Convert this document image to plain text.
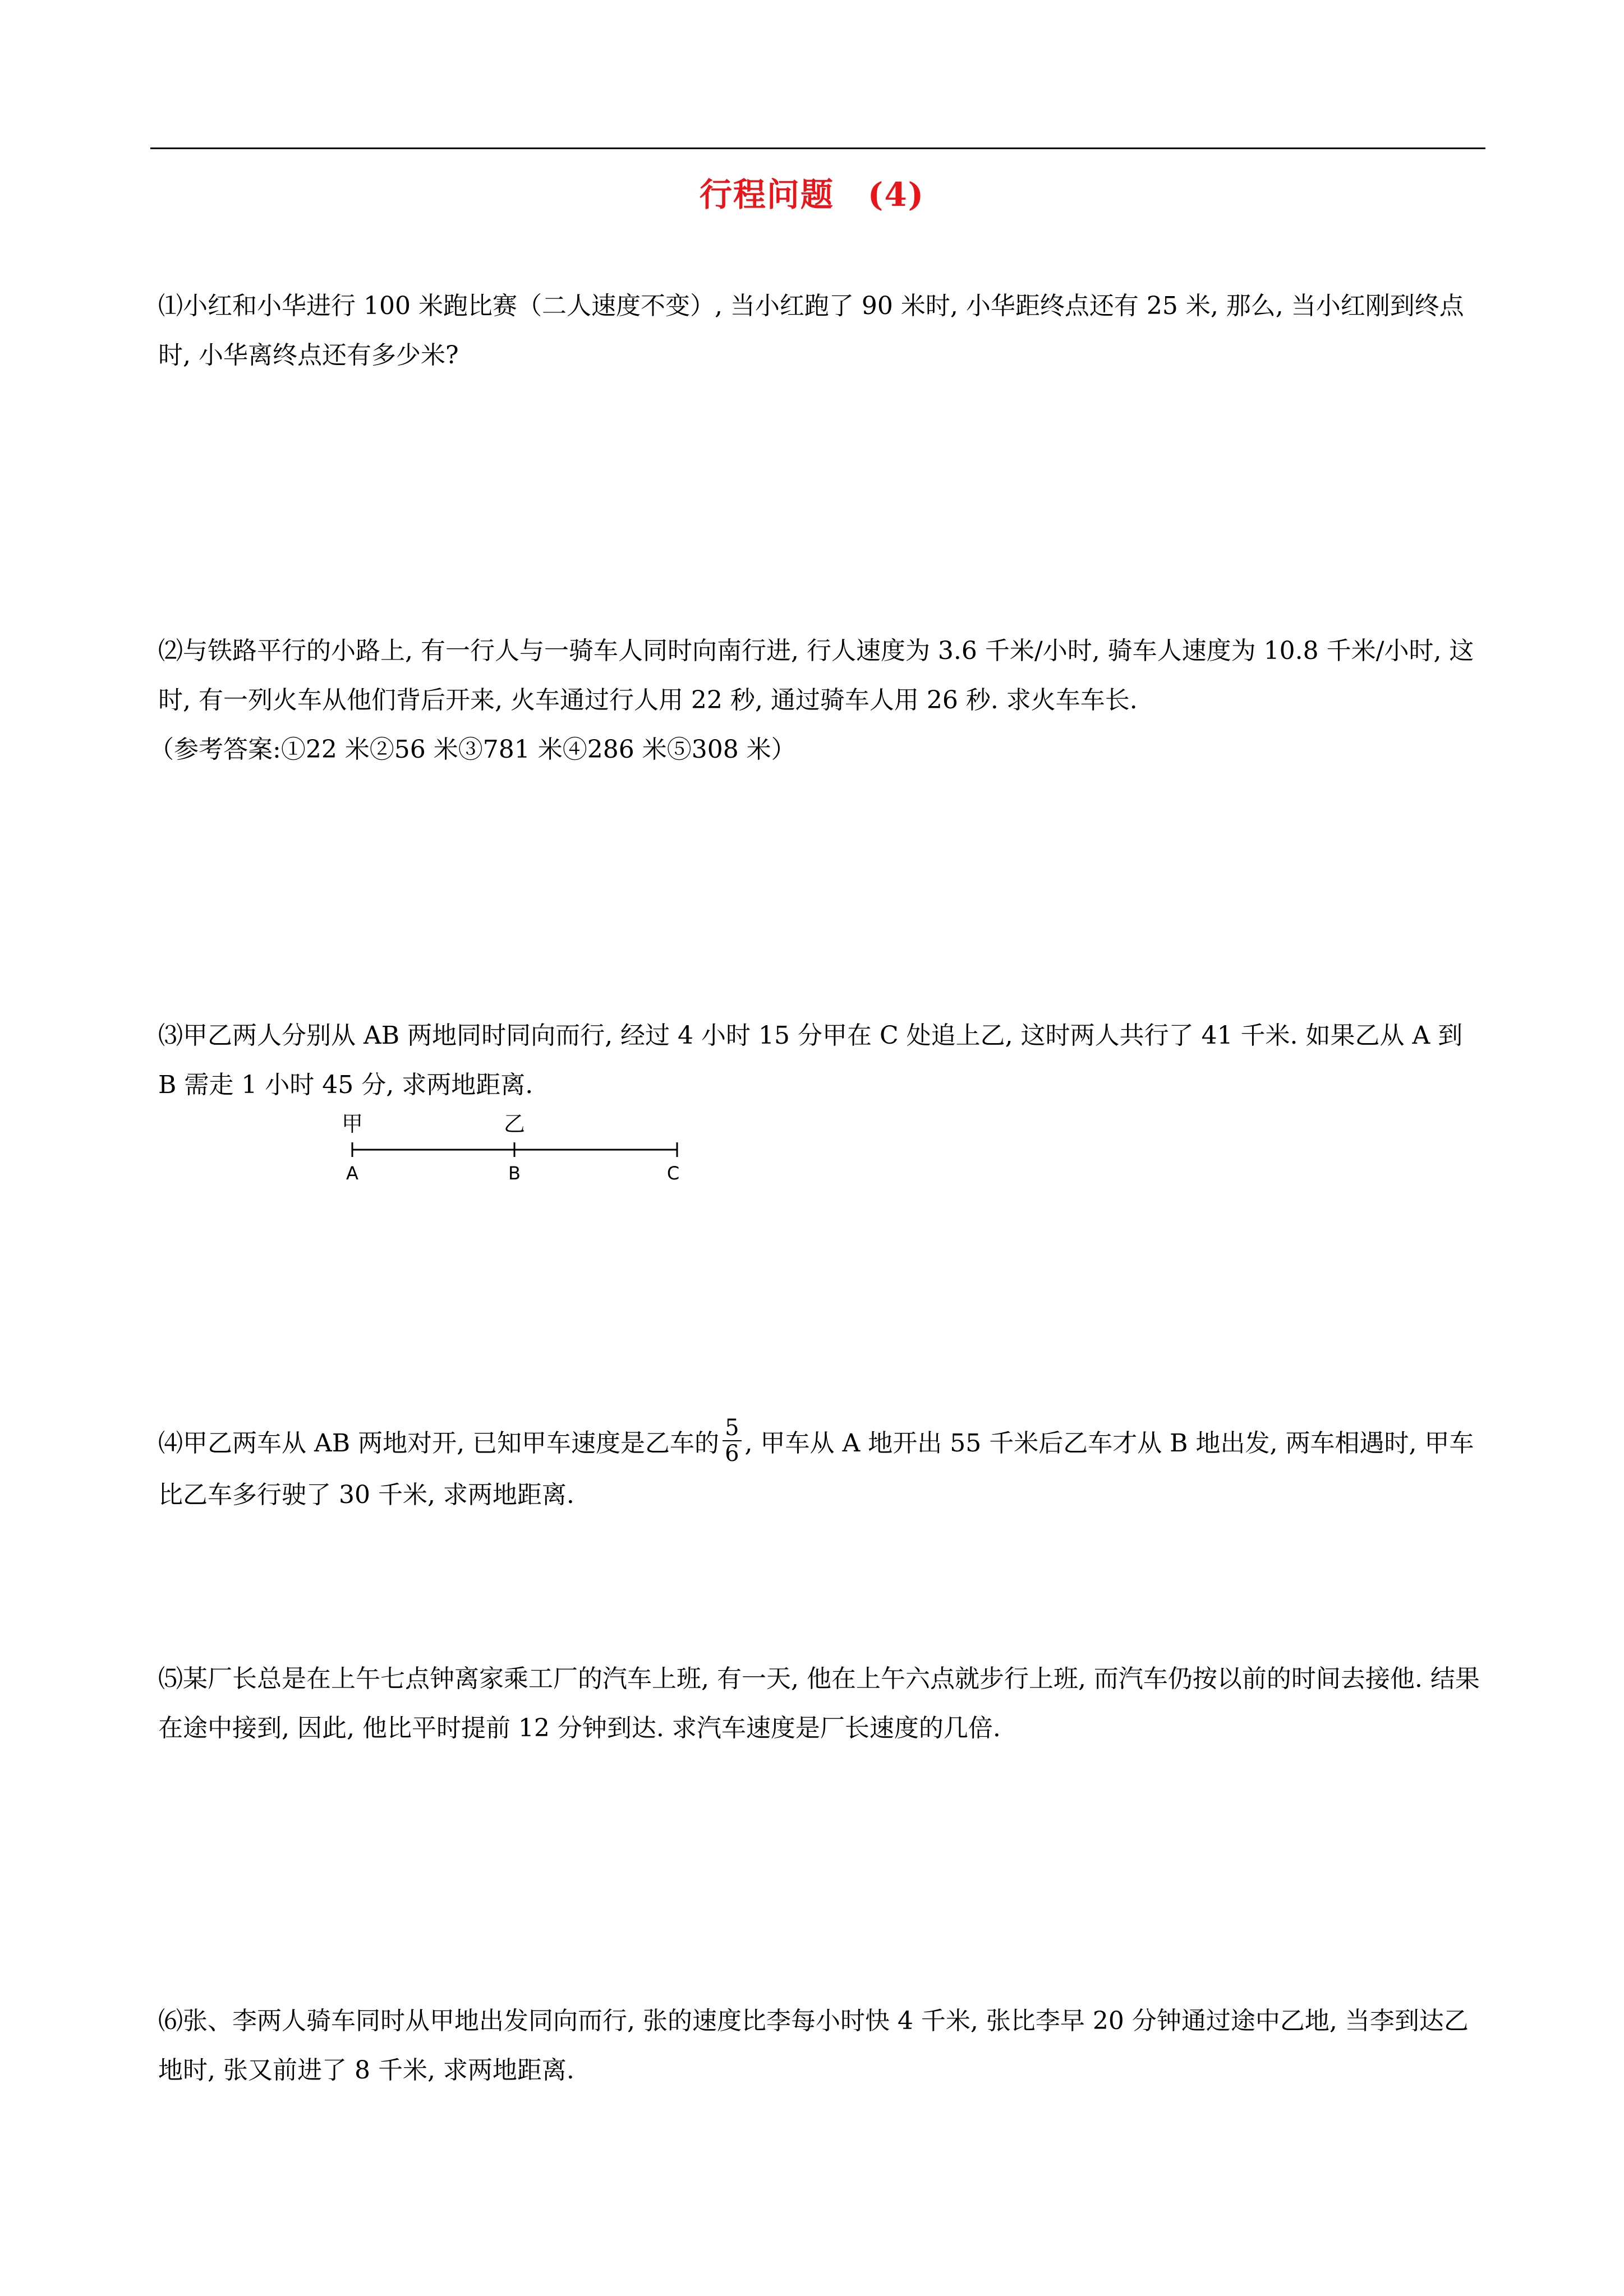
行程问题 (4)

⑴小红和小华进行 100 米跑比赛（二人速度不变）, 当小红跑了 90 米时, 小华距终点还有 25 米, 那么, 当小红刚到终点时, 小华离终点还有多少米?

⑵与铁路平行的小路上, 有一行人与一骑车人同时向南行进, 行人速度为 3.6 千米/小时, 骑车人速度为 10.8 千米/小时, 这时, 有一列火车从他们背后开来, 火车通过行人用 22 秒, 通过骑车人用 26 秒. 求火车车长.

（参考答案:①22 米②56 米③781 米④286 米⑤308 米）

⑶甲乙两人分别从 AB 两地同时同向而行, 经过 4 小时 15 分甲在 C 处追上乙, 这时两人共行了 41 千米. 如果乙从 A 到 B 需走 1 小时 45 分, 求两地距离.

甲	乙
A	B	C

⑷甲乙两车从 AB 两地对开, 已知甲车速度是乙车的 $\frac{5}{6}$ , 甲车从 A 地开出 55 千米后乙车才从 B 地出发, 两车相遇时, 甲车比乙车多行驶了 30 千米, 求两地距离.

⑸某厂长总是在上午七点钟离家乘工厂的汽车上班, 有一天, 他在上午六点就步行上班, 而汽车仍按以前的时间去接他. 结果在途中接到, 因此, 他比平时提前 12 分钟到达. 求汽车速度是厂长速度的几倍.

⑹张、李两人骑车同时从甲地出发同向而行, 张的速度比李每小时快 4 千米, 张比李早 20 分钟通过途中乙地, 当李到达乙地时, 张又前进了 8 千米, 求两地距离.
